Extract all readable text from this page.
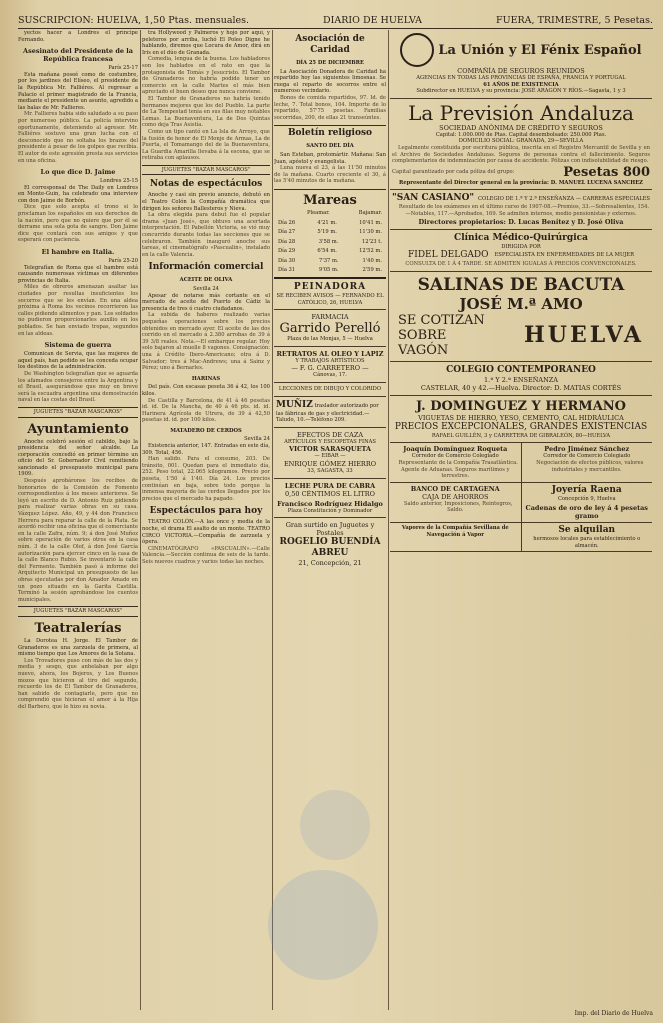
SUSCRIPCION: HUELVA, 1,50 Ptas. mensuales.	DIARIO DE HUELVA	FUERA, TRIMESTRE, 5 Pesetas.

yectos hacer a Londres el príncipe Fernando.

Asesinato del Presidente de la República francesa
París 25-17

Esta mañana poseé como de costumbre, por los jardines del Elíseo, el presidente de la República Mr. Falliéres. Al regresar a Palacio el primer magistrado de la Francia, mediante el presidente un asunto, agredido a las balas de Mr. Fallieres.

Mr. Fallieres habia sido saludado a su paso por numeroso público. La policía intervino oportunamente, deteniendo al agresor. Mr. Falliéres sostuvo una gran lucha con el desconocido que no soltaba los brazos del presidente á pesar de los golpes que recibía. El autor de este agresión presta sus servicios en una oficina.

Lo que dice D. Jaime
Londres 25-15

El corresponsal de The Daily en Londres en Monte-Guin, ha celebrado una interview con don Jaime de Borbón.

Dice que solo acepta el trono si lo proclaman los españoles en sus derechos de la nación, pero que no quiere que por él se derrame una sola gota de sangre. Don Jaime dice que contará con sus amigos y que esperará con paciencia.

El hambre en Italia.
París 25-20

Telegrafían de Roma que el hambre está causando numerosas víctimas en diferentes provincias de Italia.

Miles de obreros amenazan asaltar las ciudades por resultas insuficientes los socorros que se les envían. En una aldea próxima á Roma los vecinos recorrieron las calles pidiendo alimentos y pan. Los soldados no pudieron proporcionarles auxilio en los poblados. Se han enviado tropas, segundos en las aldeas.

Sistema de guerra

Comunican de Servia, que las mujeres de aquel país, han pedido se les conceda ocupar los destinos de la administración.

De Washington telegrafían que se aguarda los afamados consejeros entre la Argentina y el Brasil, asegurándose que muy en breve será la escuadra argentina una demostración naval en las costas del Brasil.

JUGUETES "BAZAR MASCAROS"
Ayuntamiento

Anoche celebró sesión el cabildo, bajo la presidencia del señor alcalde. La corporación concedió en primer término un oficio del Sr. Gobernador Civil remitiendo sancionado el presupuesto municipal para 1909.

Después aprobáronse los recibos de honorarios de la Comisión de Fomento correspondientes á los meses anteriores. Se leyó un escrito de D. Antonio Ruiz pidiendo para realizar varias obras en su casa. Vázquez López. Año, 49, y 44 don Francisco Herrera para reparar la calle de la Plata. Se acordó recibir una oficina que el comerciante en la calle Zafra, núm. 9; á don José Muñoz sobre operación de varios otros en la casa núm. 3 de la calle Olof, á don José García autorización para ejercer cinco en la casa de la calle Blanco Rubio. Se inventarió la calle del Fermento. También pasó á informe del Arquitecto Municipal un presupuesto de las obras ejecutadas por don Amador Amado en un pozo situado en la Garita Castilla. Terminó la sesión aprobándose los cuentos municipales.

JUGUETES "BAZAR MASCAROS"
Teatralerías

La Dorotea H. Jorge. El Tambor de Granaderos es una zarzuela de primera, al mismo tiempo que Los Amores de la Sotana.

Los Trovadores puso con más de las dos y media y sesgo, que anhelaban por algo nuevo, ahora, los Bojeros, y Los Buenos mozos que hicieron al tiro del segundo, recuerdo los de El Tambor de Granaderos, han sabido de contagiarle, pero que no comprendió que hicieran el amor á la Hija del Barbero, que le hizo su novia.

tra Hollywood y Palmeros y hojo por aquí, y peleteros por arriba, luchó El Poleo Digne he hablando, diremos que Locura de Amor, dirá en Iris en el dúo de Granada.

Comedia, lengua de la buena. Los habladores son los hablados en el rato en que la protagonista de Tomás y Jesucristo. El Tambor de Granaderos no habría podido tener un comercio en la calle Martes el más bien apreciado el buen deseo que nunca conviene.

El Tambor de Granaderos no habría tenido hermanos mejores que los del Pueblo. La parte de La Tempestad tenía en sus filas muy notables Lemas. La Buenaventura, La de Dos Quintas como deja Tras Asistía.

Como un tipo cantó en La Isla de Arroyo, que la fusión de honor de El Monje de Armas, La de Puerta, el Tomamango del de la Buenaventura, La Guardia Amarilla llevaba á la escena, que se retiraba con aplausos.

JUGUETES "BAZAR MASCAROS"
Notas de espectáculos

Anoche y casi sin previo anuncio, debutó en el Teatro Colón la Compañía dramática que dirigen los señores Ballesteros y Nieva.

La obra elegida para debut fue el popular drama «Juan José», que obtuvo una acertada interpretación. El Pabellón Victoria, se vió muy concurrido durante todas las secciones que se celebraron. También inauguró anoche sus tareas, el cinematógrafo «Pascualin», instalado en la calle Valencia.

Información comercial
ACEITE DE OLIVA
Sevilla 24

Apesar de notarse más cortante en el mercado de aceite del Puerto de Cádiz la presencia de tres ó cuatro ciudadanos.

La subida de haberes realizado varias pequeñas operaciones sobre los precios obtenidos en mercado ayer. El aceite de las dos corrido en el mercado á 2.380 arrobas de 39 á 39 3/8 reales. Nota.—El embarque regular. Hoy solo bajaron al muelle 8 vagones. Consignación: una á Crédito Ibero-Americano; otra á D. Salvador; tres á Mac-Andrews; una á Sainz y Pérez; uno á Bernarles.

HARINAS

Del país. Con escasas peseta 36 á 42, los 100 kilos.

De Castilla y Barcelona, de 41 á 46 pesetas id. id. De la Mancha, de 40 á 46 pts. id. id. Harinera Agrícola de Utrera, de 39 á 42,50 pesetas id. id. por 100 kilos.

MATADERO DE CERDOS
Sevilla 24

Existencia anterior, 147. Entradas en este día, 309. Total, 456.

Han salido. Para el consumo, 203. De tránsito, 001. Quedan para el inmediato día, 252. Peso total, 22.065 kilogramos. Precio por peseta, 1'50 á 1'40. Día 24. Los precios continúan en baja, sobre todo porque la inmensa mayoría de las cerdos llegados por los precios que el mercado ha pagado.

Espectáculos para hoy

TEATRO COLÓN.—A las once y media de la noche, el drama El asalto de un monte. TEATRO CIRCO VICTORIA.—Compañía de zarzuela y ópera.

CINEMATÓGRAFO «PASCUALIN».—Calle Valencia.—Sección continua de seis de la tarde. Seis nuevos cuadros y varios todas las noches.

Asociación de Caridad
DÍA 25 DE DICIEMBRE

La Asociación Donadora de Caridad ha repartido hoy las siguientes limosnas. Se ruega el reparto de socorros entre el numeroso vecindario.

Bonos de comida repartidos, 97. Id. de leche, 7. Total bonos, 104. Importe de lo repartido, 57'75 pesetas. Familias socorridas, 200, de ellas 21 transeúntes.

Boletín religioso
SANTO DEL DÍA

San Esteban, protomártir. Mañana: San Juan, apóstol y evangelista.

Luna nueva el 23, á las 11'50 minutos de la mañana. Cuarto creciente el 30, á las 5'40 minutos de la mañana.

Mareas
Pleamar.	Bajamar.
Día 26	4'21 m.	10'41 m.
Día 27	5'19 m.	11'30 m.
Día 28	3'58 m.	12'23 t.
Día 29	6'54 m.	12'52 m.
Día 30	7'37 m.	1'40 m.
Día 31	9'05 m.	2'59 m.
PEINADORA
SE RECIBEN AVISOS — FERNANDO EL CATÓLICO, 26, HUELVA
FARMACIA
Garrido Perelló
Plaza de las Monjas, 5 — Huelva
RETRATOS AL OLEO Y LAPIZ
Y TRABAJOS ARTÍSTICOS
— F. G. CARRETERO —
Cánovas, 17.
LECCIONES DE DIBUJO Y COLORIDO
MUÑIZ traslador autorizado por las fábricas de gas y electricidad.—Taludo, 10.—Teléfono 209.
EFECTOS DE CAZA
ARTÍCULOS Y ESCOPETAS FINAS
VICTOR SARASQUETA
— EIBAR —
ENRIQUE GÓMEZ HIERRO
33, SAGASTA, 33
LECHE PURA DE CABRA
0,50 CÉNTIMOS EL LITRO
Francisco Rodríguez Hidalgo
Plaza Constitución y Dominador
Gran surtido en Juguetes y Postales
ROGELIO BUENDÍA ABREU
21, Concepción, 21
La Unión y El Fénix Español
COMPAÑÍA DE SEGUROS REUNIDOS
AGENCIAS EN TODAS LAS PROVINCIAS DE ESPAÑA, FRANCIA Y PORTUGAL
61 AÑOS DE EXISTENCIA
Subdirector en HUELVA y su provincia: JOSÉ ARAGÓN Y RÍOS.—Sagasta, 1 y 3
La Previsión Andaluza
SOCIEDAD ANÓNIMA DE CRÉDITO Y SEGUROS
Capital: 1.000.000 de Ptas. Capital desembolsado: 250.000 Ptas.
DOMICILIO SOCIAL: GRANADA, 29—SEVILLA

Legalmente constituida por escritura pública, inscrita en el Registro Mercantil de Sevilla y en el Archivo de Sociedades Andaluzas. Seguros de personas contra el fallecimiento. Seguros complementarios de indemnización por causa de accidente. Pólizas con indisolubilidad de riesgo.

Capital garantizado por cada póliza del grupo:	Pesetas 800
Representante del Director general en la provincia: D. MANUEL LUCENA SANCHEZ
"SAN CASIANO" COLEGIO DE 1.ª Y 2.ª ENSEÑANZA — CARRERAS ESPECIALES

Resultado de los exámenes en el último curso de 1907-08.—Premios, 33.—Sobresalientes, 154.—Notables, 117.—Aprobados, 169. Se admiten internos, medio pensionistas y externos.

Directores propietarios: D. Lucas Benítez y D. José Oliva
Clínica Médico-Quirúrgica
DIRIGIDA POR
FIDEL DELGADO ESPECIALISTA EN ENFERMEDADES DE LA MUJER
CONSULTA DE 1 Á 4 TARDE. SE ADMITEN IGUALAS Á PRECIOS CONVENCIONALES.
SALINAS DE BACUTA
JOSÉ M.ª AMO
SE COTIZAN SOBRE VAGÓN
HUELVA
COLEGIO CONTEMPORANEO
1.ª Y 2.ª ENSEÑANZA
CASTELAR, 40 y 42.—Huelva. Director: D. MATIAS CORTÉS
J. DOMINGUEZ Y HERMANO
VIGUETAS DE HIERRO, YESO, CEMENTO, CAL HIDRÁULICA
PRECIOS EXCEPCIONALES, GRANDES EXISTENCIAS
RAFAEL GUILLÉN, 3 y CARRETERA DE GIBRALEÓN, 80—HUELVA
Joaquín Domínguez Roqueta
Corredor de Comercio Colegiado

Representante de la Compañía Trasatlántica. Agente de Aduanas. Seguros marítimos y terrestres.

Pedro Jiménez Sánchez
Corredor de Comercio Colegiado

Negociación de efectos públicos, valores industriales y mercantiles.

BANCO DE CARTAGENA
CAJA DE AHORROS

Saldo anterior, Imposiciones, Reintegros, Saldo.

Joyería Raena
Concepción 9, Huelva
Cadenas de oro de ley á 4 pesetas gramo
Vapores de la Compañía Sevillana de Navegación á Vapor	Se alquilan
hermosos locales para establecimiento o almacén.
Imp. del Diario de Huelva
